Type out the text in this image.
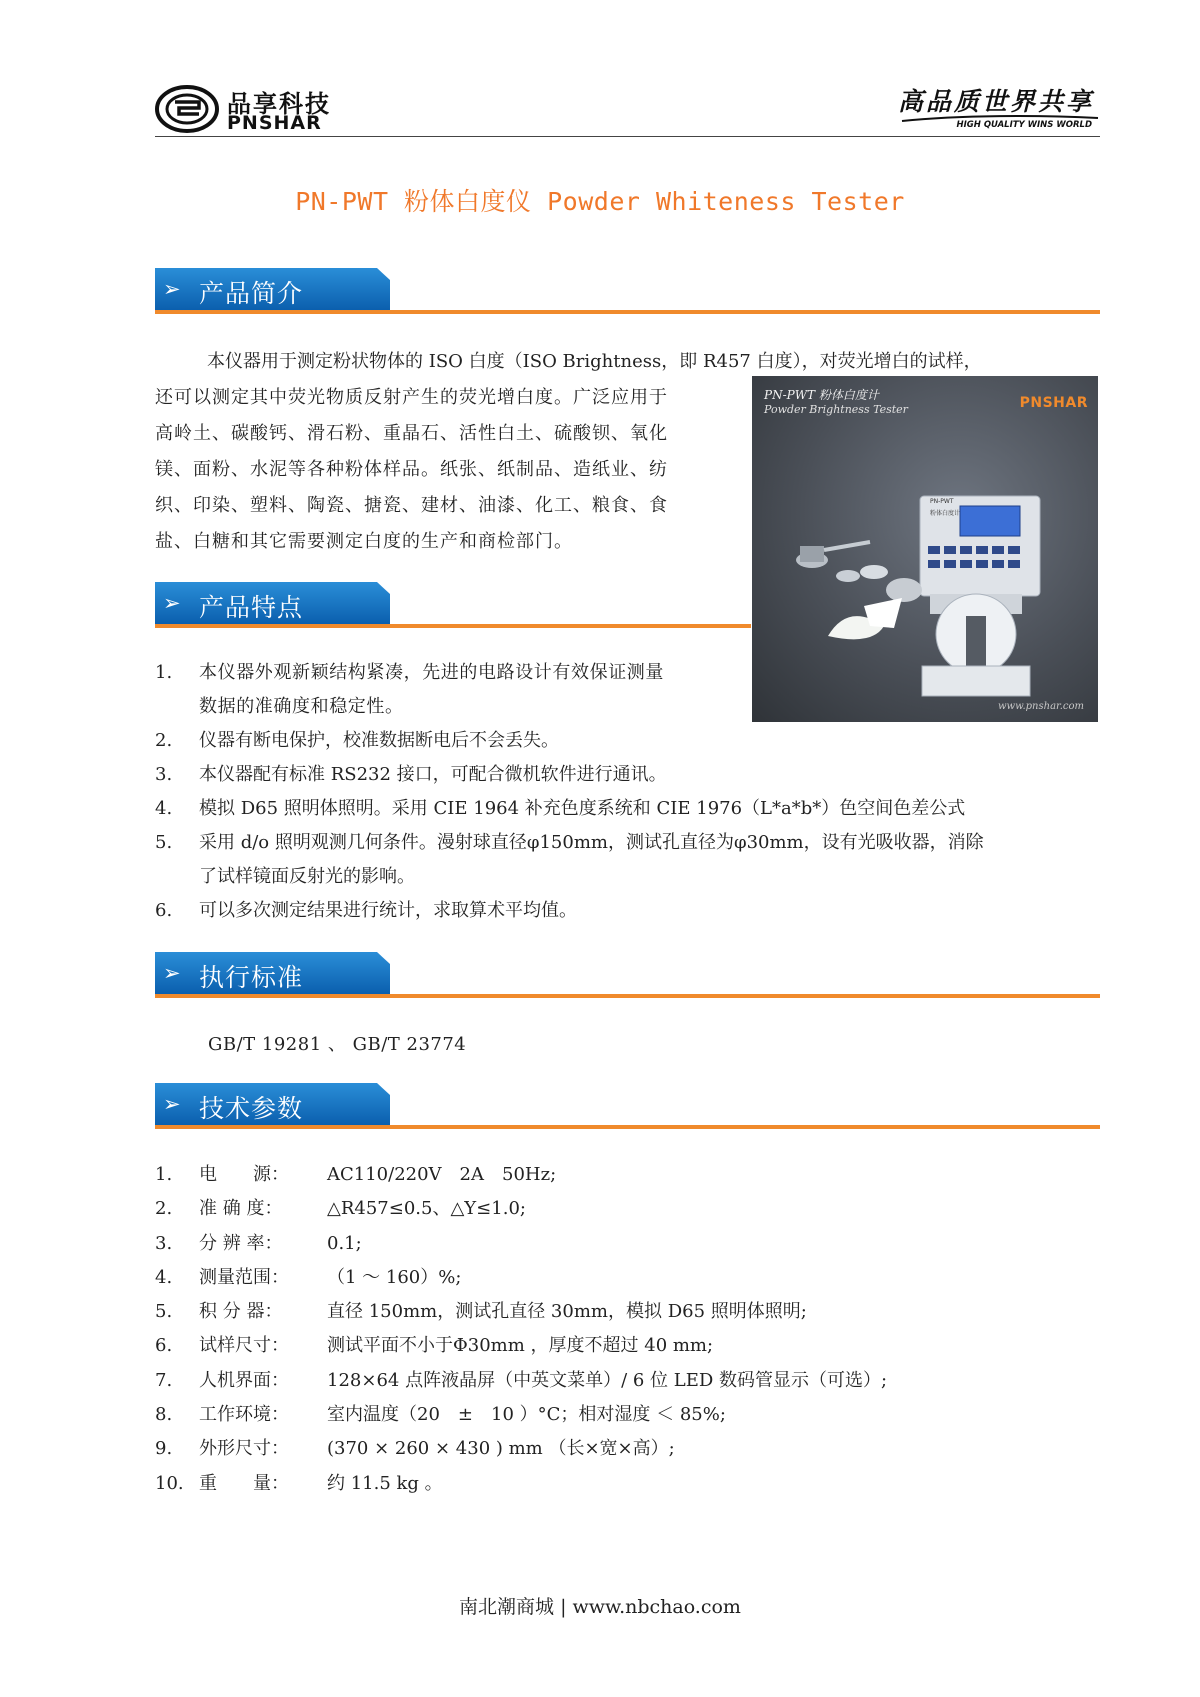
品享科技
PNSHAR
高品质世界共享
HIGH QUALITY WINS WORLD
PN-PWT 粉体白度仪 Powder Whiteness Tester
➢ 产品简介
本仪器用于测定粉状物体的 ISO 白度（ISO Brightness，即 R457 白度），对荧光增白的试样，
还可以测定其中荧光物质反射产生的荧光增白度。广泛应用于
高岭土、碳酸钙、滑石粉、重晶石、活性白土、硫酸钡、氧化
镁、面粉、水泥等各种粉体样品。纸张、纸制品、造纸业、纺
织、印染、塑料、陶瓷、搪瓷、建材、油漆、化工、粮食、食
盐、白糖和其它需要测定白度的生产和商检部门。
PN-PWT 粉体白度计
Powder Brightness Tester	PNSHAR
PN-PWT
粉体白度计
www.pnshar.com
➢ 产品特点
1. 本仪器外观新颖结构紧凑，先进的电路设计有效保证测量
数据的准确度和稳定性。
2. 仪器有断电保护，校准数据断电后不会丢失。
3. 本仪器配有标准 RS232 接口，可配合微机软件进行通讯。
4. 模拟 D65 照明体照明。采用 CIE 1964 补充色度系统和 CIE 1976（L*a*b*）色空间色差公式
5. 采用 d/o 照明观测几何条件。漫射球直径φ150mm，测试孔直径为φ30mm，设有光吸收器，消除
了试样镜面反射光的影响。
6. 可以多次测定结果进行统计，求取算术平均值。
➢ 执行标准
GB/T 19281 、 GB/T 23774
➢ 技术参数
1. 电　　源： AC110/220V　2A　50Hz;
2. 准 确 度： △R457≤0.5、△Y≤1.0;
3. 分 辨 率： 0.1;
4. 测量范围： （1 ～ 160）%;
5. 积 分 器： 直径 150mm，测试孔直径 30mm，模拟 D65 照明体照明;
6. 试样尺寸： 测试平面不小于Φ30mm ，厚度不超过 40 mm;
7. 人机界面： 128×64 点阵液晶屏（中英文菜单）/ 6 位 LED 数码管显示（可选）;
8. 工作环境： 室内温度（20　±　10 ）°C；相对湿度 ＜ 85%;
9. 外形尺寸： (370 × 260 × 430 ) mm （长×宽×高）;
10. 重　　量： 约 11.5 kg 。
南北潮商城 | www.nbchao.com
